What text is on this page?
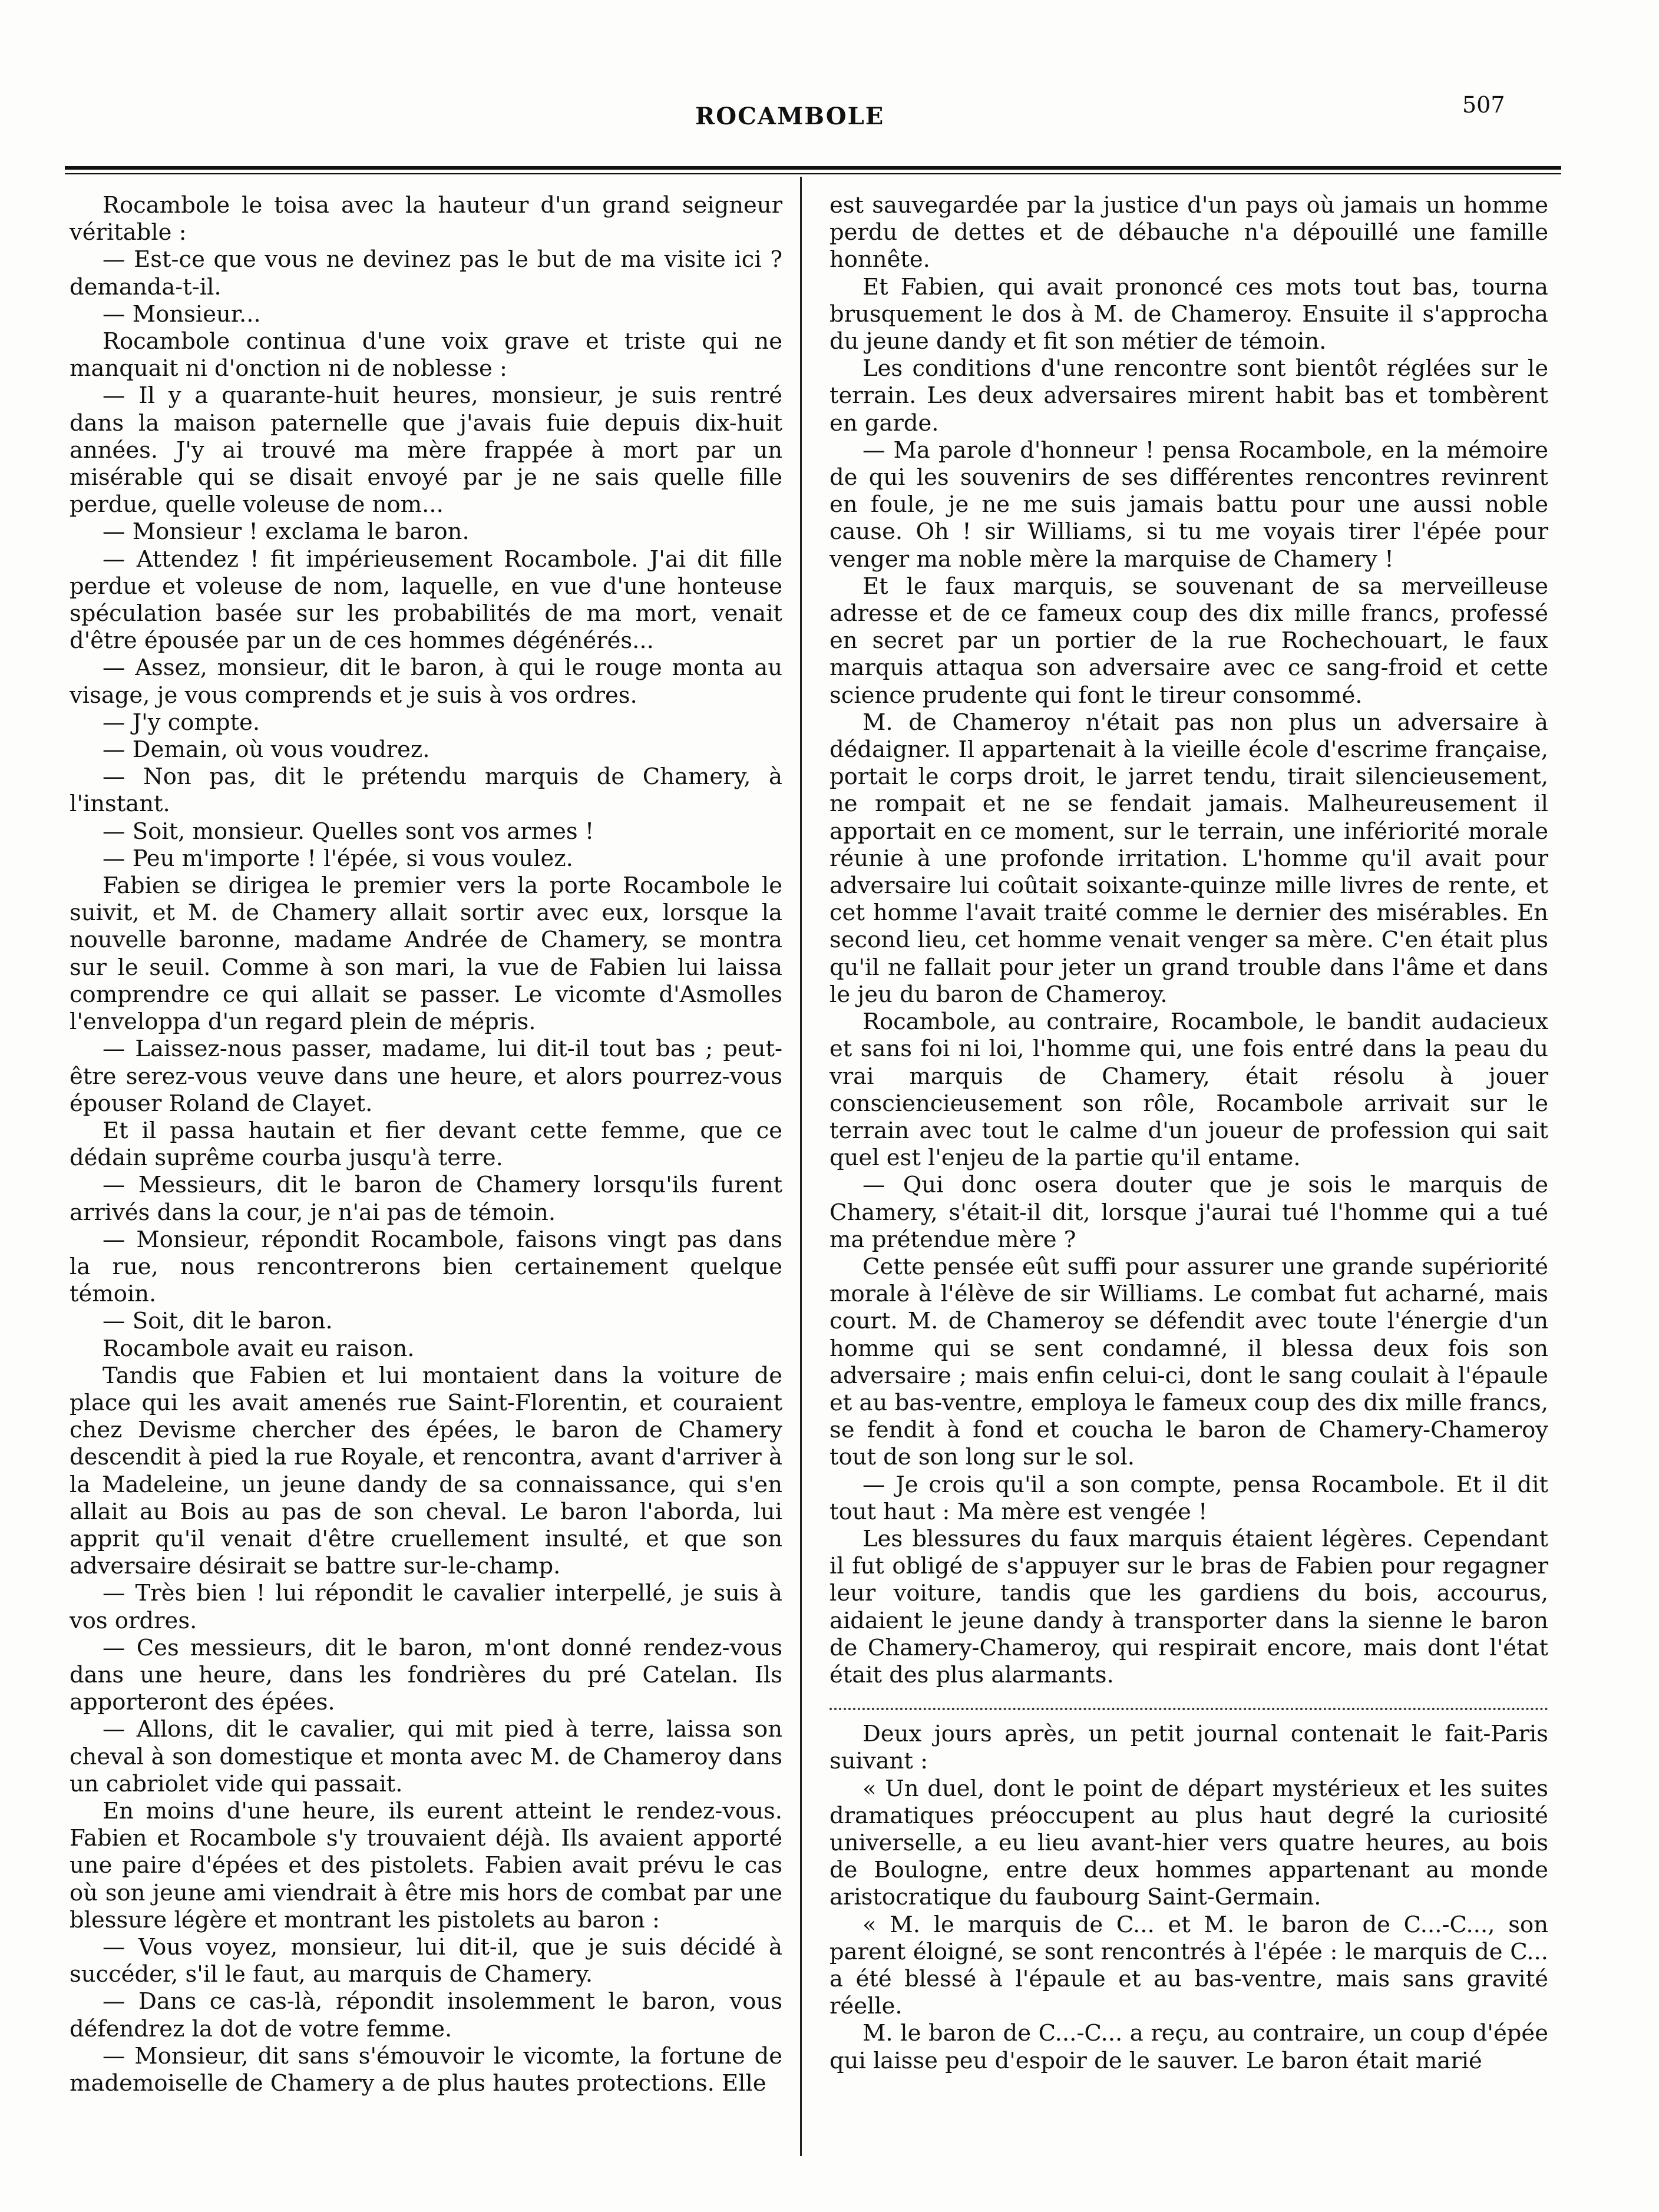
ROCAMBOLE	507

Rocambole le toisa avec la hauteur d'un grand seigneur véritable :

— Est-ce que vous ne devinez pas le but de ma visite ici ? demanda-t-il.

— Monsieur...

Rocambole continua d'une voix grave et triste qui ne manquait ni d'onction ni de noblesse :

— Il y a quarante-huit heures, monsieur, je suis rentré dans la maison paternelle que j'avais fuie depuis dix-huit années. J'y ai trouvé ma mère frappée à mort par un misérable qui se disait envoyé par je ne sais quelle fille perdue, quelle voleuse de nom...

— Monsieur ! exclama le baron.

— Attendez ! fit impérieusement Rocambole. J'ai dit fille perdue et voleuse de nom, laquelle, en vue d'une honteuse spéculation basée sur les probabilités de ma mort, venait d'être épousée par un de ces hommes dégénérés...

— Assez, monsieur, dit le baron, à qui le rouge monta au visage, je vous comprends et je suis à vos ordres.

— J'y compte.

— Demain, où vous voudrez.

— Non pas, dit le prétendu marquis de Chamery, à l'instant.

— Soit, monsieur. Quelles sont vos armes !

— Peu m'importe ! l'épée, si vous voulez.

Fabien se dirigea le premier vers la porte Rocambole le suivit, et M. de Chamery allait sortir avec eux, lorsque la nouvelle baronne, madame Andrée de Chamery, se montra sur le seuil. Comme à son mari, la vue de Fabien lui laissa comprendre ce qui allait se passer. Le vicomte d'Asmolles l'enveloppa d'un regard plein de mépris.

— Laissez-nous passer, madame, lui dit-il tout bas ; peut-être serez-vous veuve dans une heure, et alors pourrez-vous épouser Roland de Clayet.

Et il passa hautain et fier devant cette femme, que ce dédain suprême courba jusqu'à terre.

— Messieurs, dit le baron de Chamery lorsqu'ils furent arrivés dans la cour, je n'ai pas de témoin.

— Monsieur, répondit Rocambole, faisons vingt pas dans la rue, nous rencontrerons bien certainement quelque témoin.

— Soit, dit le baron.

Rocambole avait eu raison.

Tandis que Fabien et lui montaient dans la voiture de place qui les avait amenés rue Saint-Florentin, et couraient chez Devisme chercher des épées, le baron de Chamery descendit à pied la rue Royale, et rencontra, avant d'arriver à la Madeleine, un jeune dandy de sa connaissance, qui s'en allait au Bois au pas de son cheval. Le baron l'aborda, lui apprit qu'il venait d'être cruellement insulté, et que son adversaire désirait se battre sur-le-champ.

— Très bien ! lui répondit le cavalier interpellé, je suis à vos ordres.

— Ces messieurs, dit le baron, m'ont donné rendez-vous dans une heure, dans les fondrières du pré Catelan. Ils apporteront des épées.

— Allons, dit le cavalier, qui mit pied à terre, laissa son cheval à son domestique et monta avec M. de Chameroy dans un cabriolet vide qui passait.

En moins d'une heure, ils eurent atteint le rendez-vous. Fabien et Rocambole s'y trouvaient déjà. Ils avaient apporté une paire d'épées et des pistolets. Fabien avait prévu le cas où son jeune ami viendrait à être mis hors de combat par une blessure légère et montrant les pistolets au baron :

— Vous voyez, monsieur, lui dit-il, que je suis décidé à succéder, s'il le faut, au marquis de Chamery.

— Dans ce cas-là, répondit insolemment le baron, vous défendrez la dot de votre femme.

— Monsieur, dit sans s'émouvoir le vicomte, la fortune de mademoiselle de Chamery a de plus hautes protections. Elle

est sauvegardée par la justice d'un pays où jamais un homme perdu de dettes et de débauche n'a dépouillé une famille honnête.

Et Fabien, qui avait prononcé ces mots tout bas, tourna brusquement le dos à M. de Chameroy. Ensuite il s'approcha du jeune dandy et fit son métier de témoin.

Les conditions d'une rencontre sont bientôt réglées sur le terrain. Les deux adversaires mirent habit bas et tombèrent en garde.

— Ma parole d'honneur ! pensa Rocambole, en la mémoire de qui les souvenirs de ses différentes rencontres revinrent en foule, je ne me suis jamais battu pour une aussi noble cause. Oh ! sir Williams, si tu me voyais tirer l'épée pour venger ma noble mère la marquise de Chamery !

Et le faux marquis, se souvenant de sa merveilleuse adresse et de ce fameux coup des dix mille francs, professé en secret par un portier de la rue Rochechouart, le faux marquis attaqua son adversaire avec ce sang-froid et cette science prudente qui font le tireur consommé.

M. de Chameroy n'était pas non plus un adversaire à dédaigner. Il appartenait à la vieille école d'escrime française, portait le corps droit, le jarret tendu, tirait silencieusement, ne rompait et ne se fendait jamais. Malheureusement il apportait en ce moment, sur le terrain, une infériorité morale réunie à une profonde irritation. L'homme qu'il avait pour adversaire lui coûtait soixante-quinze mille livres de rente, et cet homme l'avait traité comme le dernier des misérables. En second lieu, cet homme venait venger sa mère. C'en était plus qu'il ne fallait pour jeter un grand trouble dans l'âme et dans le jeu du baron de Chameroy.

Rocambole, au contraire, Rocambole, le bandit audacieux et sans foi ni loi, l'homme qui, une fois entré dans la peau du vrai marquis de Chamery, était résolu à jouer consciencieusement son rôle, Rocambole arrivait sur le terrain avec tout le calme d'un joueur de profession qui sait quel est l'enjeu de la partie qu'il entame.

— Qui donc osera douter que je sois le marquis de Chamery, s'était-il dit, lorsque j'aurai tué l'homme qui a tué ma prétendue mère ?

Cette pensée eût suffi pour assurer une grande supériorité morale à l'élève de sir Williams. Le combat fut acharné, mais court. M. de Chameroy se défendit avec toute l'énergie d'un homme qui se sent condamné, il blessa deux fois son adversaire ; mais enfin celui-ci, dont le sang coulait à l'épaule et au bas-ventre, employa le fameux coup des dix mille francs, se fendit à fond et coucha le baron de Chamery-Chameroy tout de son long sur le sol.

— Je crois qu'il a son compte, pensa Rocambole. Et il dit tout haut : Ma mère est vengée !

Les blessures du faux marquis étaient légères. Cependant il fut obligé de s'appuyer sur le bras de Fabien pour regagner leur voiture, tandis que les gardiens du bois, accourus, aidaient le jeune dandy à transporter dans la sienne le baron de Chamery-Chameroy, qui respirait encore, mais dont l'état était des plus alarmants.

Deux jours après, un petit journal contenait le fait-Paris suivant :

« Un duel, dont le point de départ mystérieux et les suites dramatiques préoccupent au plus haut degré la curiosité universelle, a eu lieu avant-hier vers quatre heures, au bois de Boulogne, entre deux hommes appartenant au monde aristocratique du faubourg Saint-Germain.

« M. le marquis de C... et M. le baron de C...-C..., son parent éloigné, se sont rencontrés à l'épée : le marquis de C... a été blessé à l'épaule et au bas-ventre, mais sans gravité réelle.

M. le baron de C...-C... a reçu, au contraire, un coup d'épée qui laisse peu d'espoir de le sauver. Le baron était marié
